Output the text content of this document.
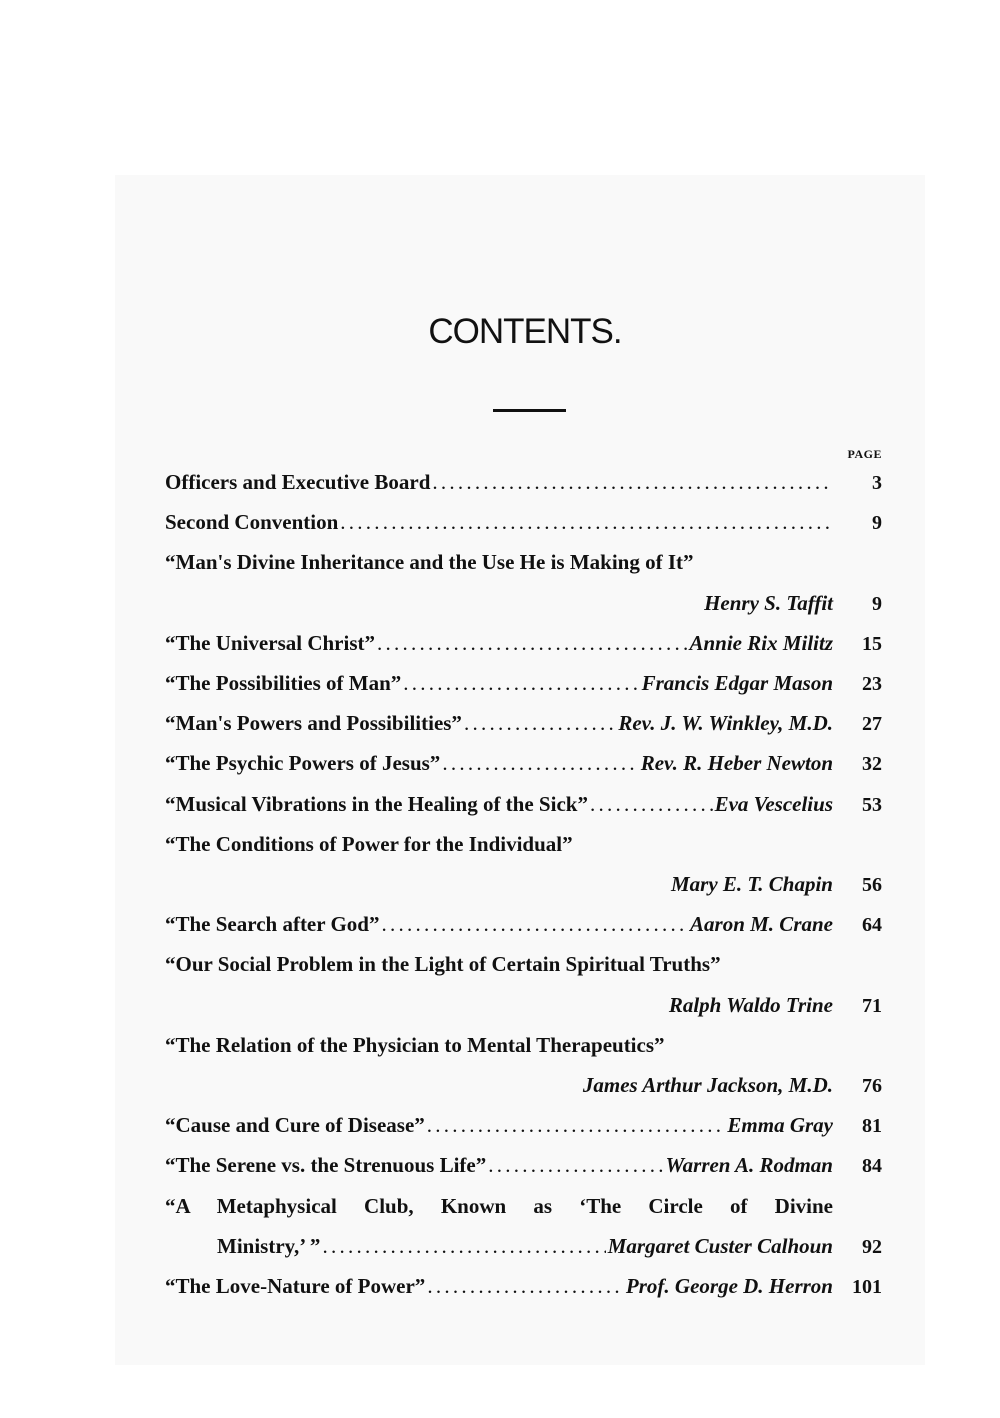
CONTENTS.
PAGE
Officers and Executive Board . . .	3
Second Convention . . .	9
“Man's Divine Inheritance and the Use He is Making of It”
Henry S. Taffit	9
“The Universal Christ” . . .	Annie Rix Militz	15
“The Possibilities of Man” . . .	Francis Edgar Mason	23
“Man's Powers and Possibilities” . . .	Rev. J. W. Winkley, M.D.	27
“The Psychic Powers of Jesus” . . .	Rev. R. Heber Newton	32
“Musical Vibrations in the Healing of the Sick” . . .	Eva Vescelius	53
“The Conditions of Power for the Individual”
Mary E. T. Chapin	56
“The Search after God” . . .	Aaron M. Crane	64
“Our Social Problem in the Light of Certain Spiritual Truths”
Ralph Waldo Trine	71
“The Relation of the Physician to Mental Therapeutics”
James Arthur Jackson, M.D.	76
“Cause and Cure of Disease” . . .	Emma Gray	81
“The Serene vs. the Strenuous Life” . . .	Warren A. Rodman	84
“A Metaphysical Club, Known as ‘The Circle of Divine
Ministry,’ ” . . .	Margaret Custer Calhoun	92
“The Love-Nature of Power” . . .	Prof. George D. Herron 101
